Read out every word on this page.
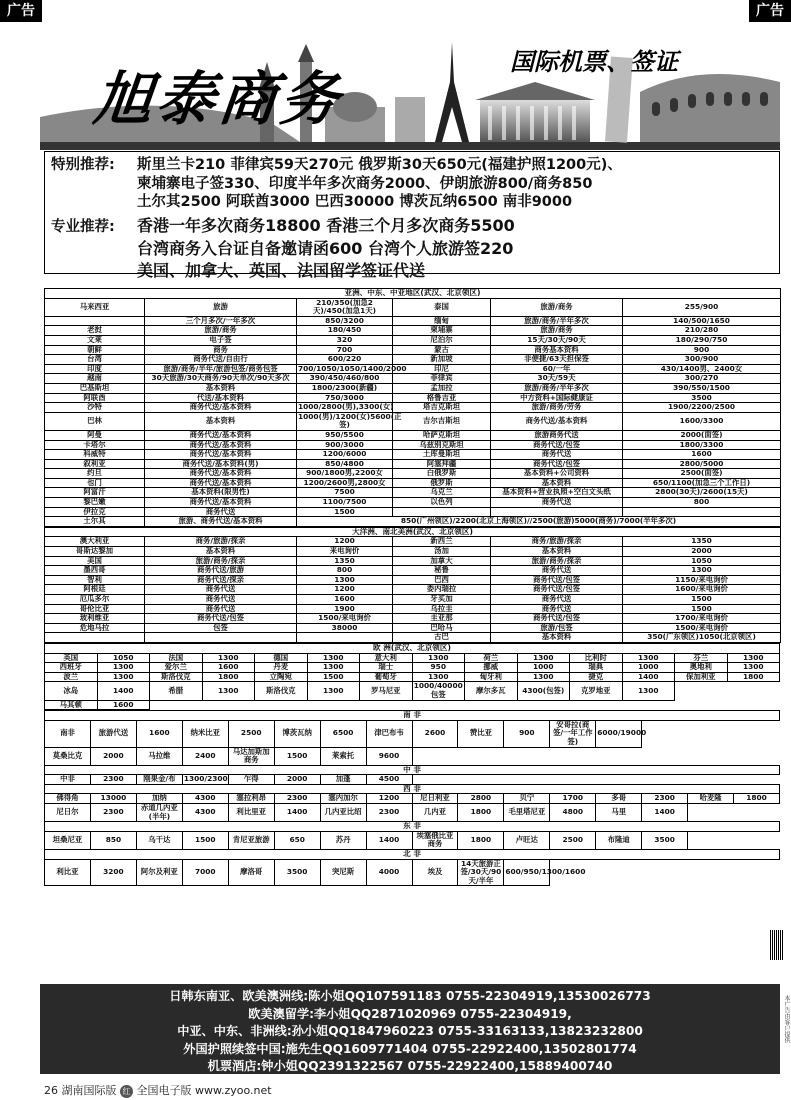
广告	广告
旭泰商务
国际机票、签证
特别推荐: 斯里兰卡210 菲律宾59天270元 俄罗斯30天650元(福建护照1200元)、
柬埔寨电子签330、印度半年多次商务2000、伊朗旅游800/商务850
土尔其2500 阿联酋3000 巴西30000 博茨瓦纳6500 南非9000
专业推荐: 香港一年多次商务18800 香港三个月多次商务5500
台湾商务入台证自备邀请函600 台湾个人旅游签220
美国、加拿大、英国、法国留学签证代送
亚洲、中东、中亚地区(武汉、北京领区)					
马来西亚	旅游	210/350(加急2天)/450(加急1天)	泰国	旅游/商务	255/900
	三个月多次/一年多次	850/3200	缅甸	旅游/商务/半年多次	140/500/1650
老挝	旅游/商务	180/450	柬埔寨	旅游/商务	210/280
文莱	电子签	320	尼泊尔	15天/30天/90天	180/290/750
朝鲜	商务	700	蒙古	商务基本资料	900
台湾	商务代送/自由行	600/220	新加坡	非便捷/63天担保签	300/900
印度	旅游/商务/半年/旅游包签/商务包签	700/1050/1050/1400/2000	印尼	60/一年	430/1400男、2400女
越南	30天旅游/30天商务/90天单次/90天多次	390/450/460/800	菲律宾	30天/59天	300/270
巴基斯坦	基本资料	1800/2300(新疆)	孟加拉	旅游/商务/半年多次	390/550/1500
阿联酋	代送/基本资料	750/3000	格鲁吉亚	中方资料+国际健康证	3500
沙特	商务代送/基本资料	1000/2800(男),3300(女)	塔吉克斯坦	旅游/商务/劳务	1900/2200/2500
巴林	基本资料	1000(男)/1200(女)5600(正签)	吉尔吉斯坦	商务代送/基本资料	1600/3300
阿曼	商务代送/基本资料	950/5500	哈萨克斯坦	旅游商务代送	2000(面签)
卡塔尔	商务代送/基本资料	900/3000	乌兹别克斯坦	商务代送/包签	1800/3300
科威特	商务代送/基本资料	1200/6000	土库曼斯坦	商务代送	1600
叙利亚	商务代送/基本资料(男)	850/4800	阿塞拜疆	商务代送/包签	2800/5000
约旦	商务代送/基本资料	900/1800男,2200女	白俄罗斯	基本资料+公司资料	2500(面签)
也门	商务代送/基本资料	1200/2600男,2800女	俄罗斯	基本资料	650/1100(加急三个工作日)
阿富汗	基本资料(限男性)	7500	乌克兰	基本资料+营业执照+空白文头纸	2800(30天)/2600(15天)
黎巴嫩	商务代送/基本资料	1100/7500	以色列	商务代送	800
伊拉克	商务代送	1500			
土尔其	旅游、商务代送/基本资料	850(广州领区)/2200(北京上海领区)//2500(旅游)5000(商务)/7000(半年多次)			
大洋洲、南北美洲(武汉、北京领区)					
澳大利亚	商务/旅游/探亲	1200	新西兰	商务/旅游/探亲	1350
哥斯达黎加	基本资料	来电询价	汤加	基本资料	2000
美国	旅游/商务/探亲	1350	加拿大	旅游/商务/探亲	1050
墨西哥	商务代送/旅游	800	秘鲁	商务代送	1300
智利	商务代送/探亲	1300	巴西	商务代送/包签	1150/来电询价
阿根廷	商务代送	1200	委内瑞拉	商务代送/包签	1600/来电询价
厄瓜多尔	商务代送	1600	牙买加	商务代送	1500
哥伦比亚	商务代送	1900	乌拉圭	商务代送	1500
玻利维亚	商务代送/包签	1500/来电询价	圭亚那	商务代送/包签	1700/来电询价
危地马拉	包签	38000	巴哈马	旅游/包签	1500/来电询价
			古巴	基本资料	350(广东领区)1050(北京领区)
欧 洲(武汉、北京领区)													
英国	1050	法国	1300	德国	1300	意大利	1300	荷兰	1300	比利时	1300	芬兰	1300
西班牙	1300	爱尔兰	1600	丹麦	1300	瑞士	950	挪威	1000	瑞典	1000	奥地利	1300
波兰	1300	斯洛伐克	1800	立陶宛	1500	葡萄牙	1300	匈牙利	1300	捷克	1400	保加利亚	1800
冰岛	1400	希腊	1300	斯洛伐克	1300	罗马尼亚	1000/40000包签	摩尔多瓦	4300(包签)	克罗地亚	1300		
马其顿	1600												
南 非															
南非	旅游代送	1600	纳米比亚	2500	博茨瓦纳	6500	津巴布韦	2600	赞比亚	900	安哥拉(商签/一年工作签)	6000/19000			
莫桑比克	2000	马拉维	2400	马达加斯加商务	1500	莱索托	9600								
中 非															
中非	2300	刚果金/布	1300/2300	乍得	2000	加蓬	4500								
西 非															
佛得角	13000	加纳	4300	塞拉利昂	2300	塞内加尔	1200	尼日利亚	2800	贝宁	1700	多哥	2300	哈麦隆	1800
尼日尔	2300	赤道几内亚(半年)	4300	利比里亚	1400	几内亚比绍	2300	几内亚	1800	毛里塔尼亚	4800	马里	1400		
东 非															
坦桑尼亚	850	乌干达	1500	肯尼亚旅游	650	苏丹	1400	埃塞俄比亚商务	1800	卢旺达	2500	布隆迪	3500		
北 非															
利比亚	3200	阿尔及利亚	7000	摩洛哥	3500	突尼斯	4000	埃及	14天旅游正签/30天/90天/半年	600/950/1300/1600					
日韩东南亚、欧美澳洲线:陈小姐QQ107591183 0755-22304919,13530026773
欧美澳留学:李小姐QQ2871020969 0755-22304919,
中亚、中东、非洲线:孙小姐QQ1847960223 0755-33163133,13823232800
外国护照续签中国:施先生QQ1609771404 0755-22922400,13502801774
机票酒店:钟小姐QQ2391322567 0755-22922400,15889400740
本广告由客户提供
26 湖南国际版 红 全国电子版 www.zyoo.net
